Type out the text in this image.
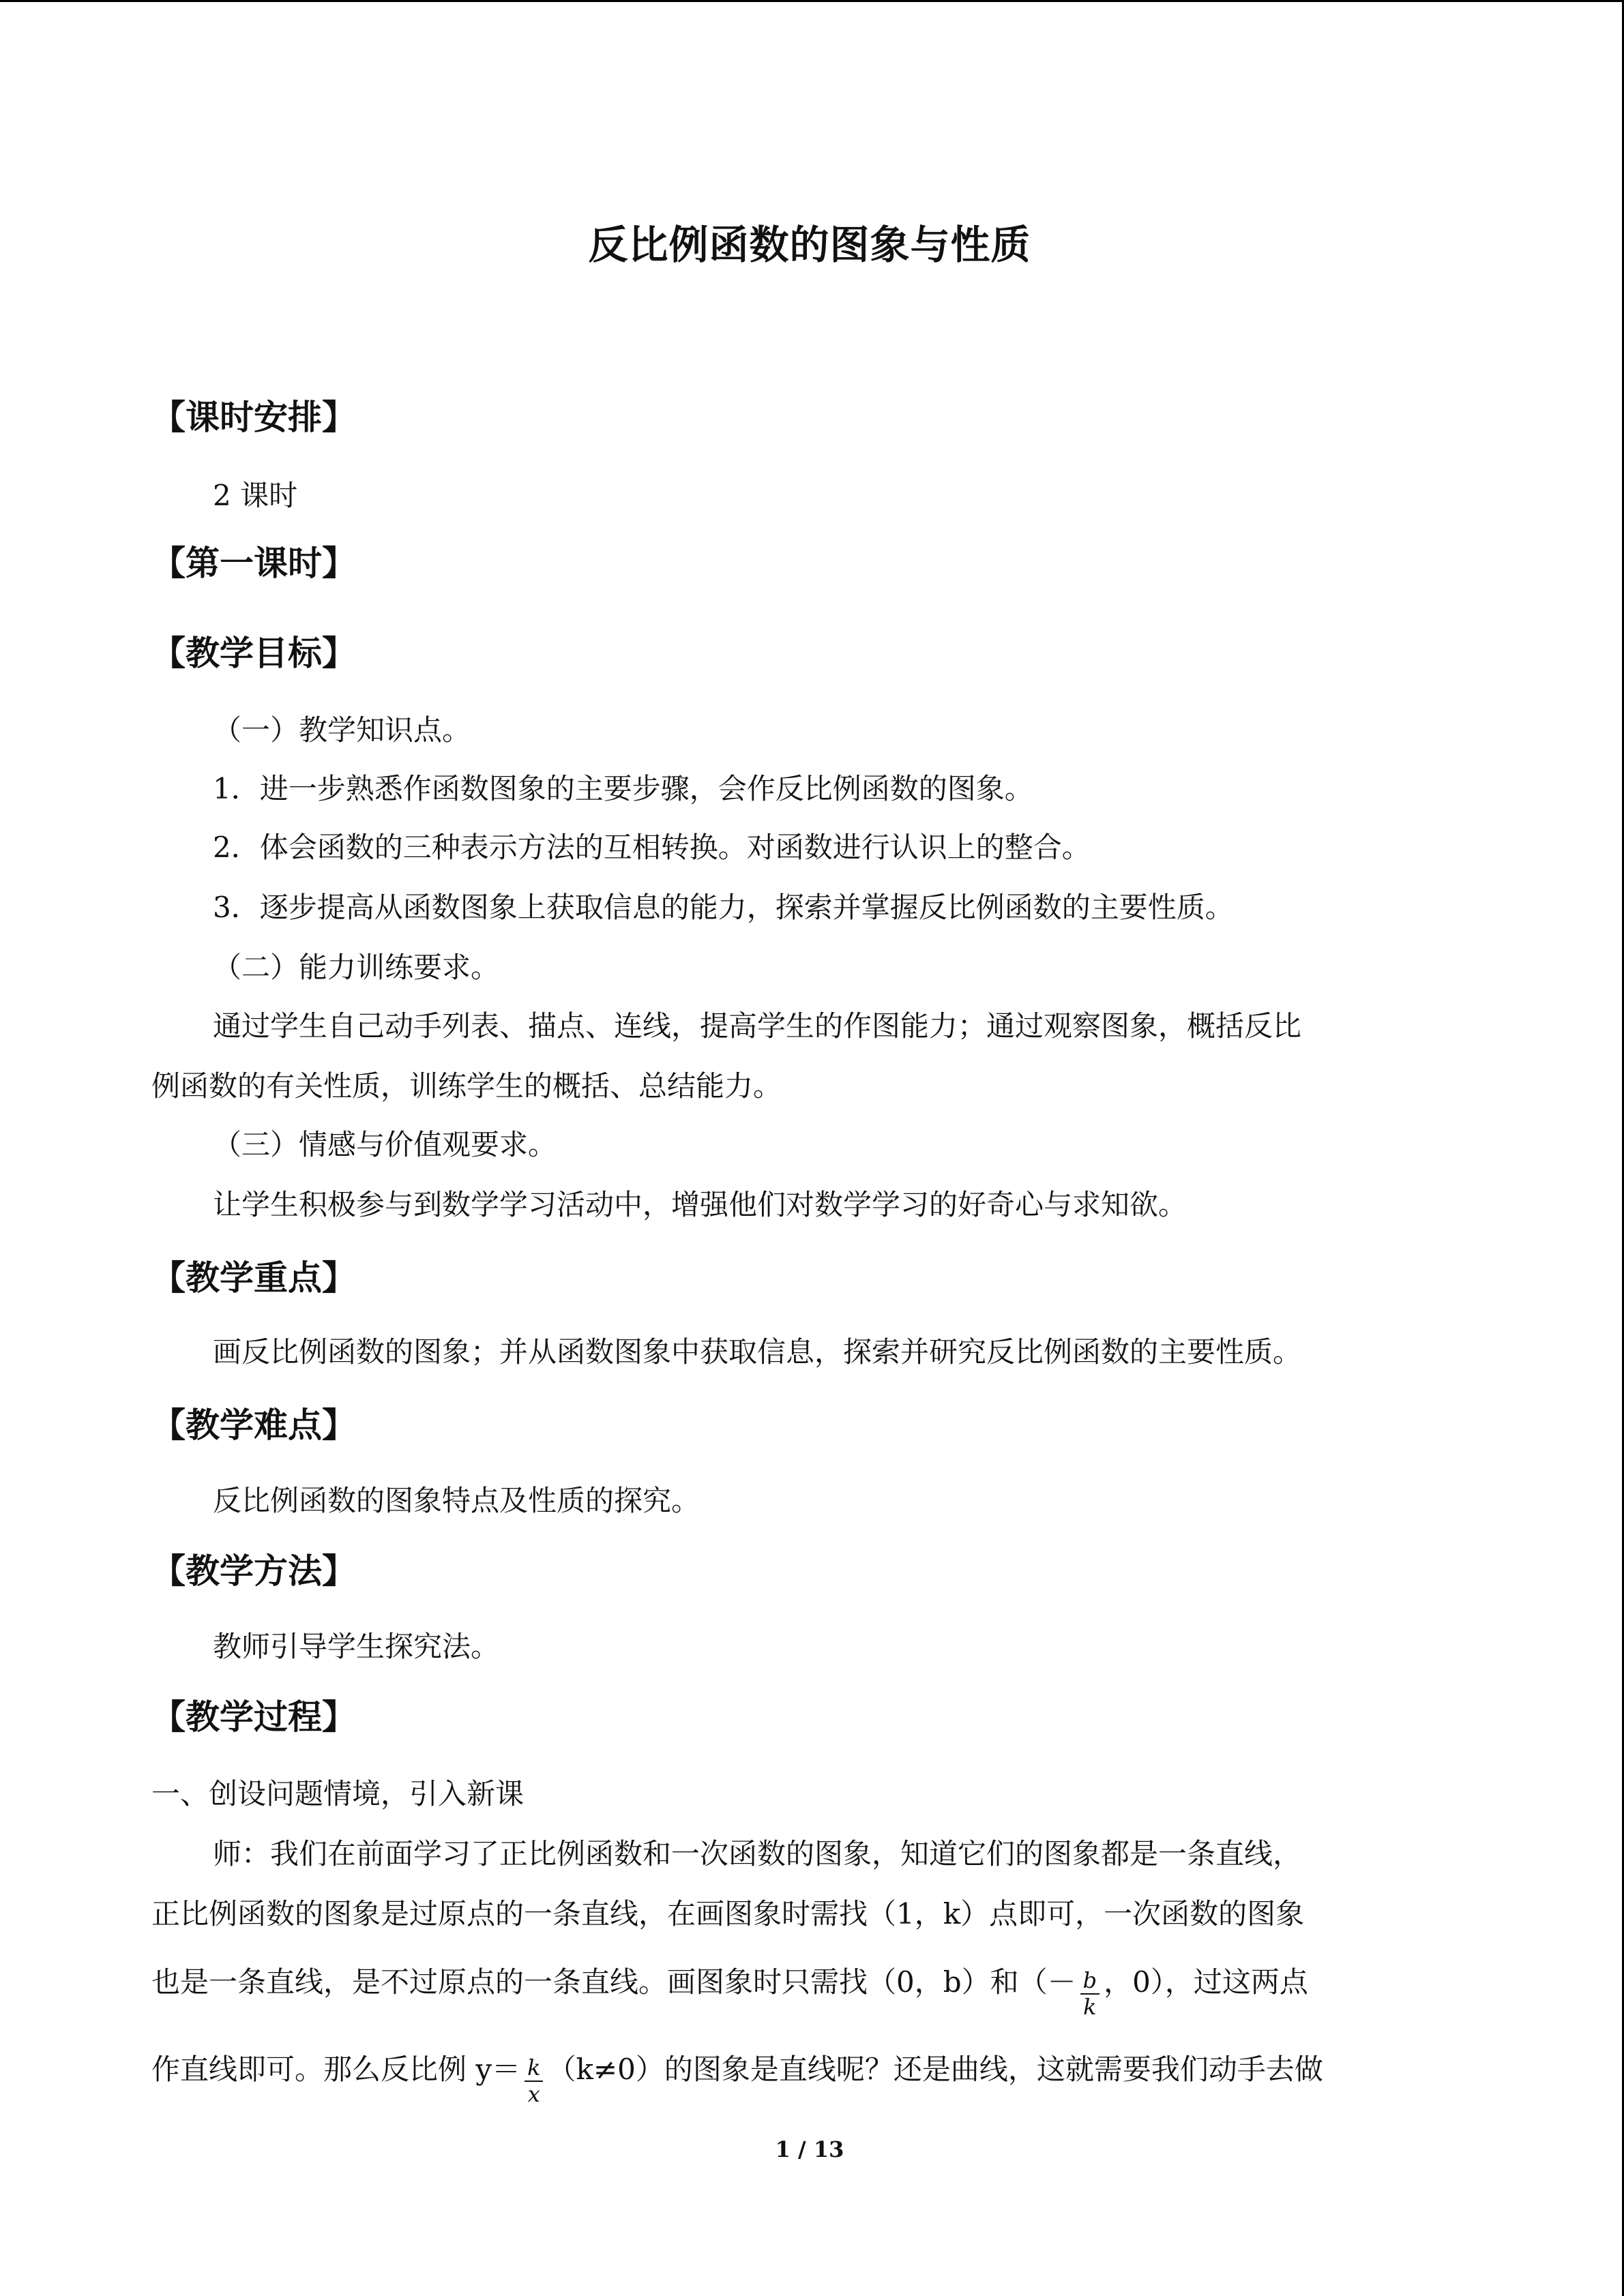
反比例函数的图象与性质
【课时安排】
2 课时
【第一课时】
【教学目标】
（一）教学知识点。
1．进一步熟悉作函数图象的主要步骤，会作反比例函数的图象。
2．体会函数的三种表示方法的互相转换。对函数进行认识上的整合。
3．逐步提高从函数图象上获取信息的能力，探索并掌握反比例函数的主要性质。
（二）能力训练要求。
通过学生自己动手列表、描点、连线，提高学生的作图能力；通过观察图象，概括反比
例函数的有关性质，训练学生的概括、总结能力。
（三）情感与价值观要求。
让学生积极参与到数学学习活动中，增强他们对数学学习的好奇心与求知欲。
【教学重点】
画反比例函数的图象；并从函数图象中获取信息，探索并研究反比例函数的主要性质。
【教学难点】
反比例函数的图象特点及性质的探究。
【教学方法】
教师引导学生探究法。
【教学过程】
一、创设问题情境，引入新课
师：我们在前面学习了正比例函数和一次函数的图象，知道它们的图象都是一条直线，
正比例函数的图象是过原点的一条直线，在画图象时需找（1，k）点即可，一次函数的图象
也是一条直线，是不过原点的一条直线。画图象时只需找（0，b）和（－ $\frac{b}{k}$ ，0），过这两点
作直线即可。那么反比例 $y= \frac{k}{x} (k\ne 0)$的图象是直线呢？还是曲线，这就需要我们动手去做
1 / 13
